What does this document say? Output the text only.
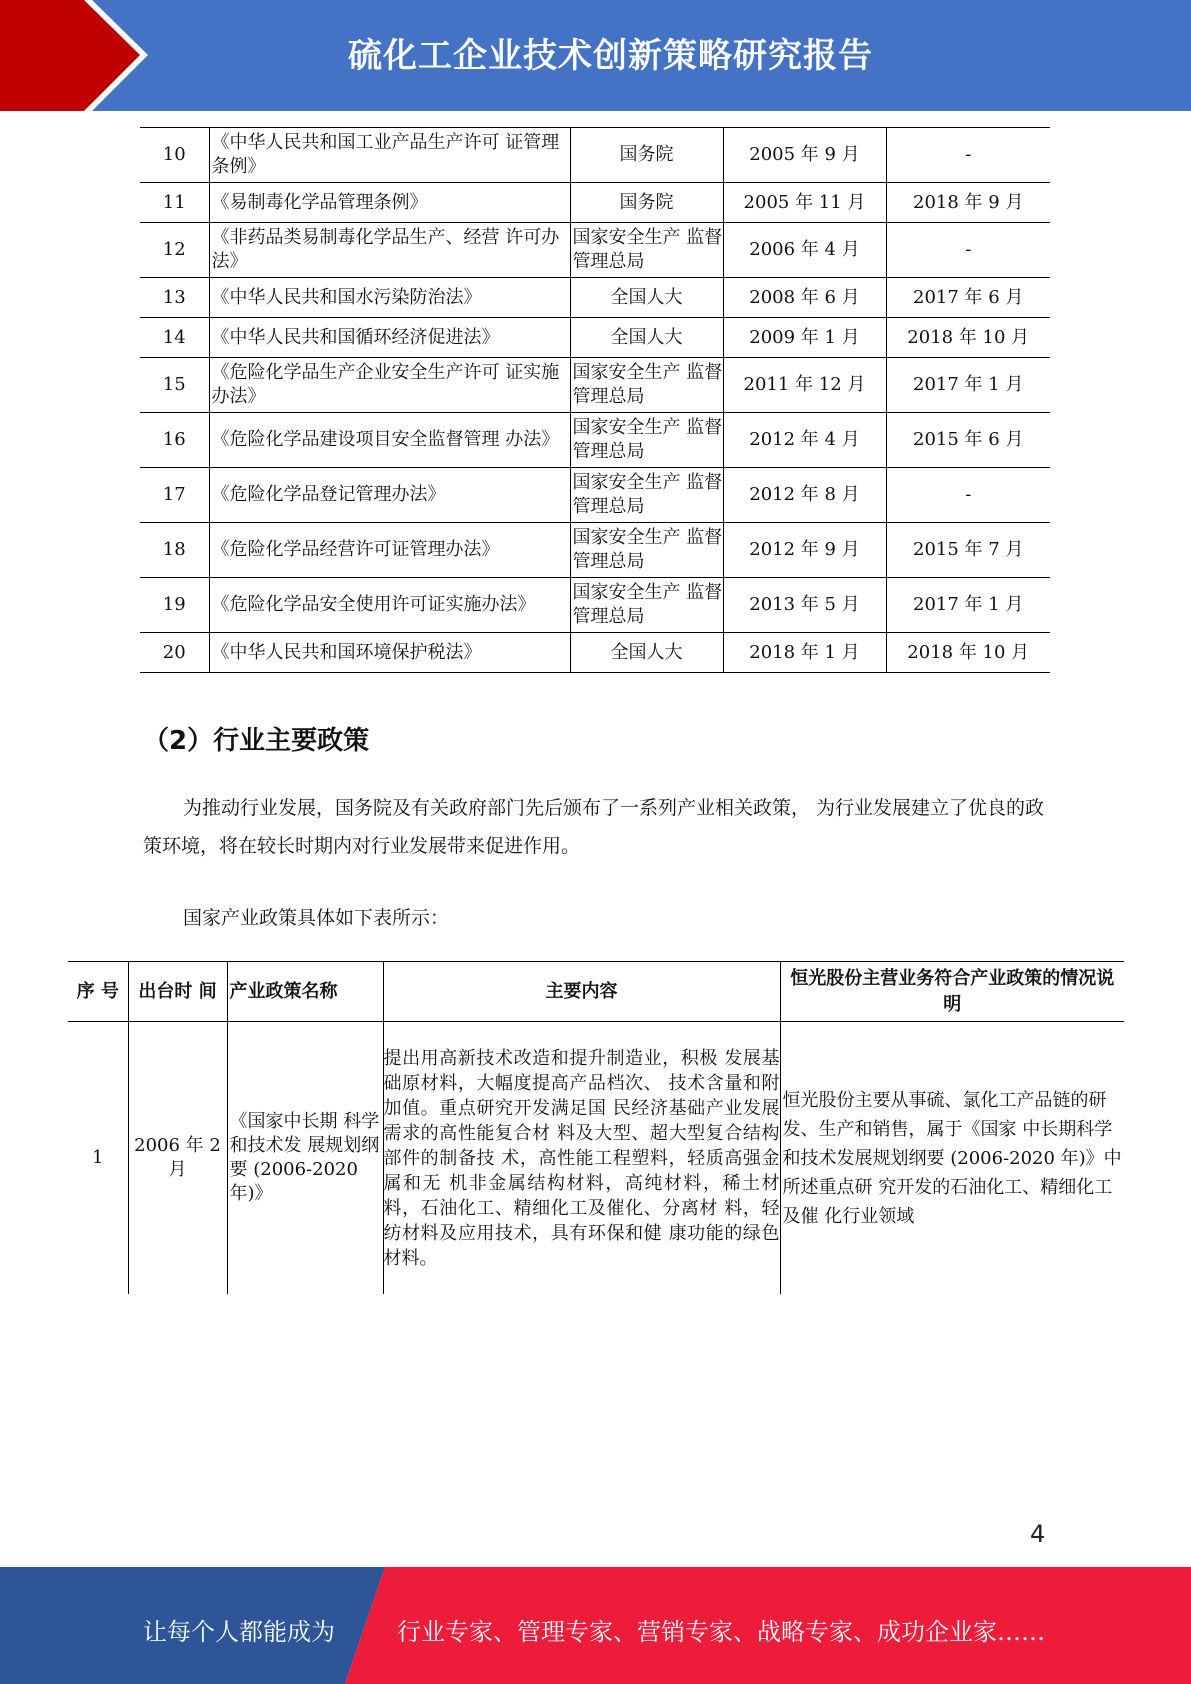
硫化工企业技术创新策略研究报告
10	《中华人民共和国工业产品生产许可 证管理条例》	国务院	2005 年 9 月	-
11	《易制毒化学品管理条例》	国务院	2005 年 11 月	2018 年 9 月
12	《非药品类易制毒化学品生产、经营 许可办法》	国家安全生产 监督管理总局	2006 年 4 月	-
13	《中华人民共和国水污染防治法》	全国人大	2008 年 6 月	2017 年 6 月
14	《中华人民共和国循环经济促进法》	全国人大	2009 年 1 月	2018 年 10 月
15	《危险化学品生产企业安全生产许可 证实施办法》	国家安全生产 监督管理总局	2011 年 12 月	2017 年 1 月
16	《危险化学品建设项目安全监督管理 办法》	国家安全生产 监督管理总局	2012 年 4 月	2015 年 6 月
17	《危险化学品登记管理办法》	国家安全生产 监督管理总局	2012 年 8 月	-
18	《危险化学品经营许可证管理办法》	国家安全生产 监督管理总局	2012 年 9 月	2015 年 7 月
19	《危险化学品安全使用许可证实施办法》	国家安全生产 监督管理总局	2013 年 5 月	2017 年 1 月
20	《中华人民共和国环境保护税法》	全国人大	2018 年 1 月	2018 年 10 月
（2）行业主要政策
为推动行业发展，国务院及有关政府部门先后颁布了一系列产业相关政策， 为行业发展建立了优良的政策环境，将在较长时期内对行业发展带来促进作用。
国家产业政策具体如下表所示：
序 号	出台时 间	产业政策名称	主要内容	恒光股份主营业务符合产业政策的情况说明
1	2006 年 2 月	《国家中长期 科学和技术发 展规划纲要 (2006-2020 年)》	提出用高新技术改造和提升制造业，积极 发展基础原材料，大幅度提高产品档次、 技术含量和附加值。重点研究开发满足国 民经济基础产业发展需求的高性能复合材 料及大型、超大型复合结构部件的制备技 术，高性能工程塑料，轻质高强金属和无 机非金属结构材料，高纯材料，稀土材 料，石油化工、精细化工及催化、分离材 料，轻纺材料及应用技术，具有环保和健 康功能的绿色材料。	恒光股份主要从事硫、氯化工产品链的研发、生产和销售，属于《国家 中长期科学和技术发展规划纲要 (2006-2020 年)》中所述重点研 究开发的石油化工、精细化工及催 化行业领域
4
让每个人都能成为	行业专家、管理专家、营销专家、战略专家、成功企业家……
